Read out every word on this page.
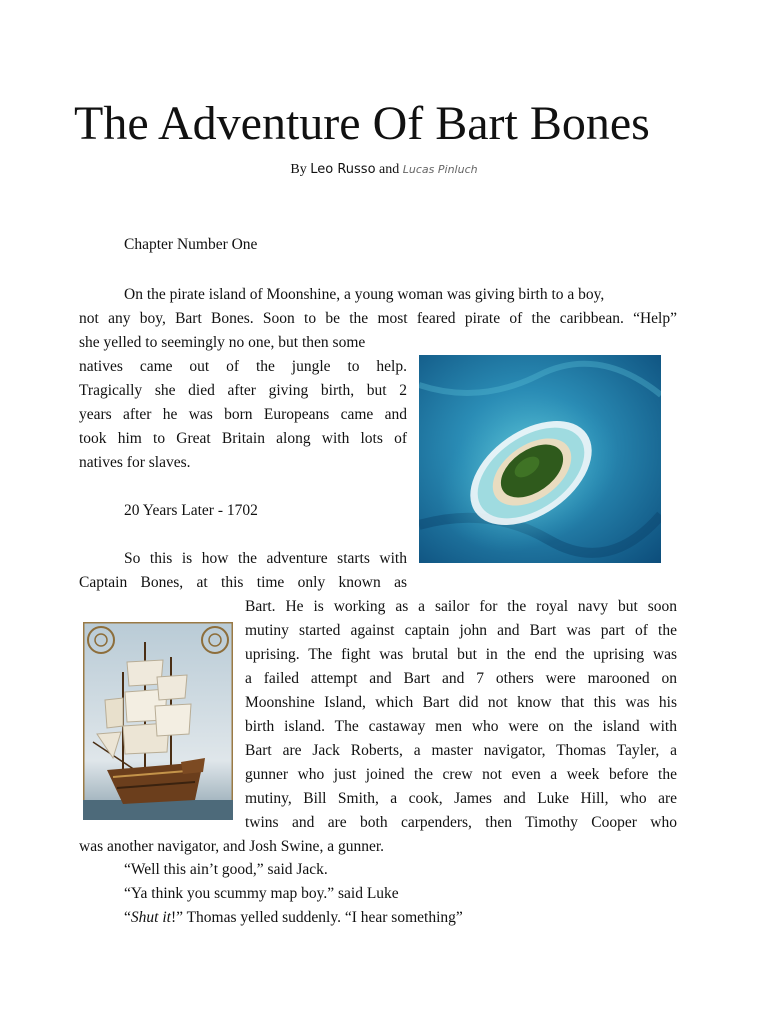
The Adventure Of Bart Bones
By Leo Russo and Lucas Pinluch
Chapter Number One
On the pirate island of Moonshine, a young woman was giving birth to a boy,
not any boy, Bart Bones. Soon to be the most feared pirate of the caribbean. “Help”
she yelled to seemingly no one, but then some
natives came out of the jungle to help.
Tragically she died after giving birth, but 2
years after he was born Europeans came and
took him to Great Britain along with lots of
natives for slaves.
20 Years Later - 1702
So this is how the adventure starts with
Captain Bones, at this time only known as
Bart. He is working as a sailor for the royal navy but soon
mutiny started against captain john and Bart was part of the
uprising. The fight was brutal but in the end the uprising was
a failed attempt and Bart and 7 others were marooned on
Moonshine Island, which Bart did not know that this was his
birth island. The castaway men who were on the island with
Bart are Jack Roberts, a master navigator, Thomas Tayler, a
gunner who just joined the crew not even a week before the
mutiny, Bill Smith, a cook, James and Luke Hill, who are
twins and are both carpenders, then Timothy Cooper who
was another navigator, and Josh Swine, a gunner.
“Well this ain’t good,” said Jack.
“Ya think you scummy map boy.” said Luke
“Shut it!” Thomas yelled suddenly. “I hear something”
